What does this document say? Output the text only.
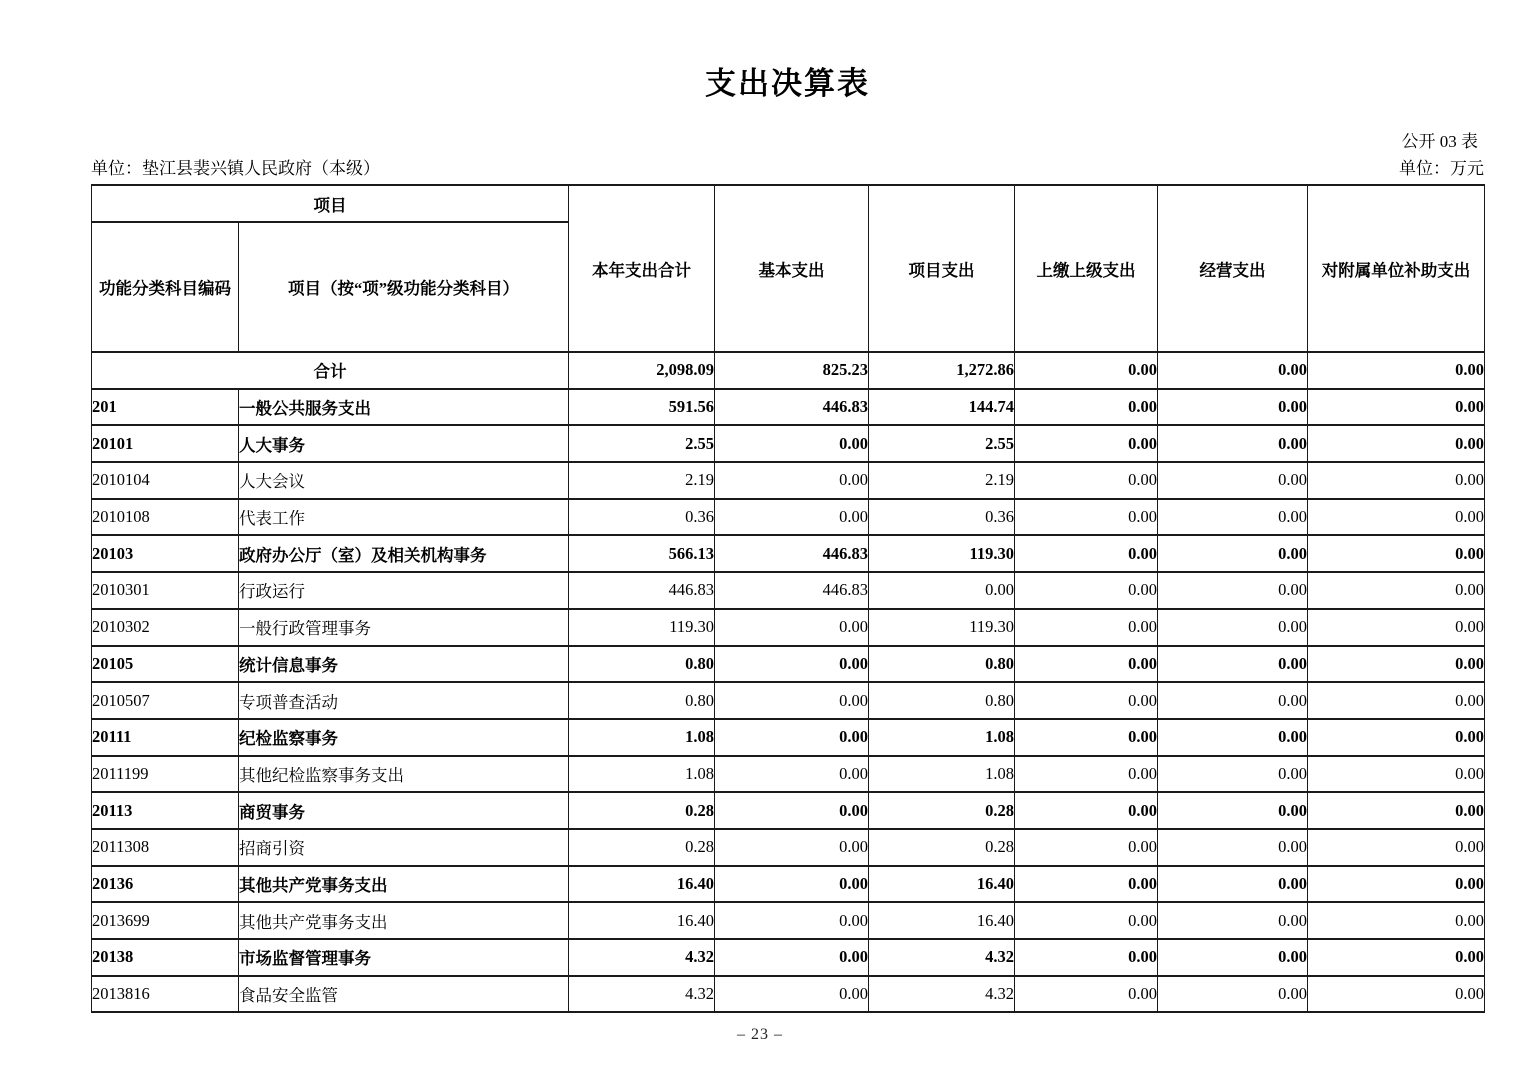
支出决算表
公开 03 表
单位：垫江县裴兴镇人民政府（本级）	单位：万元
项目		本年支出合计	基本支出	项目支出	上缴上级支出	经营支出	对附属单位补助支出
功能分类科目编码	项目（按“项”级功能分类科目）						
合计		2,098.09	825.23	1,272.86	0.00	0.00	0.00
201	一般公共服务支出	591.56	446.83	144.74	0.00	0.00	0.00
20101	人大事务	2.55	0.00	2.55	0.00	0.00	0.00
2010104	人大会议	2.19	0.00	2.19	0.00	0.00	0.00
2010108	代表工作	0.36	0.00	0.36	0.00	0.00	0.00
20103	政府办公厅（室）及相关机构事务	566.13	446.83	119.30	0.00	0.00	0.00
2010301	行政运行	446.83	446.83	0.00	0.00	0.00	0.00
2010302	一般行政管理事务	119.30	0.00	119.30	0.00	0.00	0.00
20105	统计信息事务	0.80	0.00	0.80	0.00	0.00	0.00
2010507	专项普查活动	0.80	0.00	0.80	0.00	0.00	0.00
20111	纪检监察事务	1.08	0.00	1.08	0.00	0.00	0.00
2011199	其他纪检监察事务支出	1.08	0.00	1.08	0.00	0.00	0.00
20113	商贸事务	0.28	0.00	0.28	0.00	0.00	0.00
2011308	招商引资	0.28	0.00	0.28	0.00	0.00	0.00
20136	其他共产党事务支出	16.40	0.00	16.40	0.00	0.00	0.00
2013699	其他共产党事务支出	16.40	0.00	16.40	0.00	0.00	0.00
20138	市场监督管理事务	4.32	0.00	4.32	0.00	0.00	0.00
2013816	食品安全监管	4.32	0.00	4.32	0.00	0.00	0.00
– 23 –
